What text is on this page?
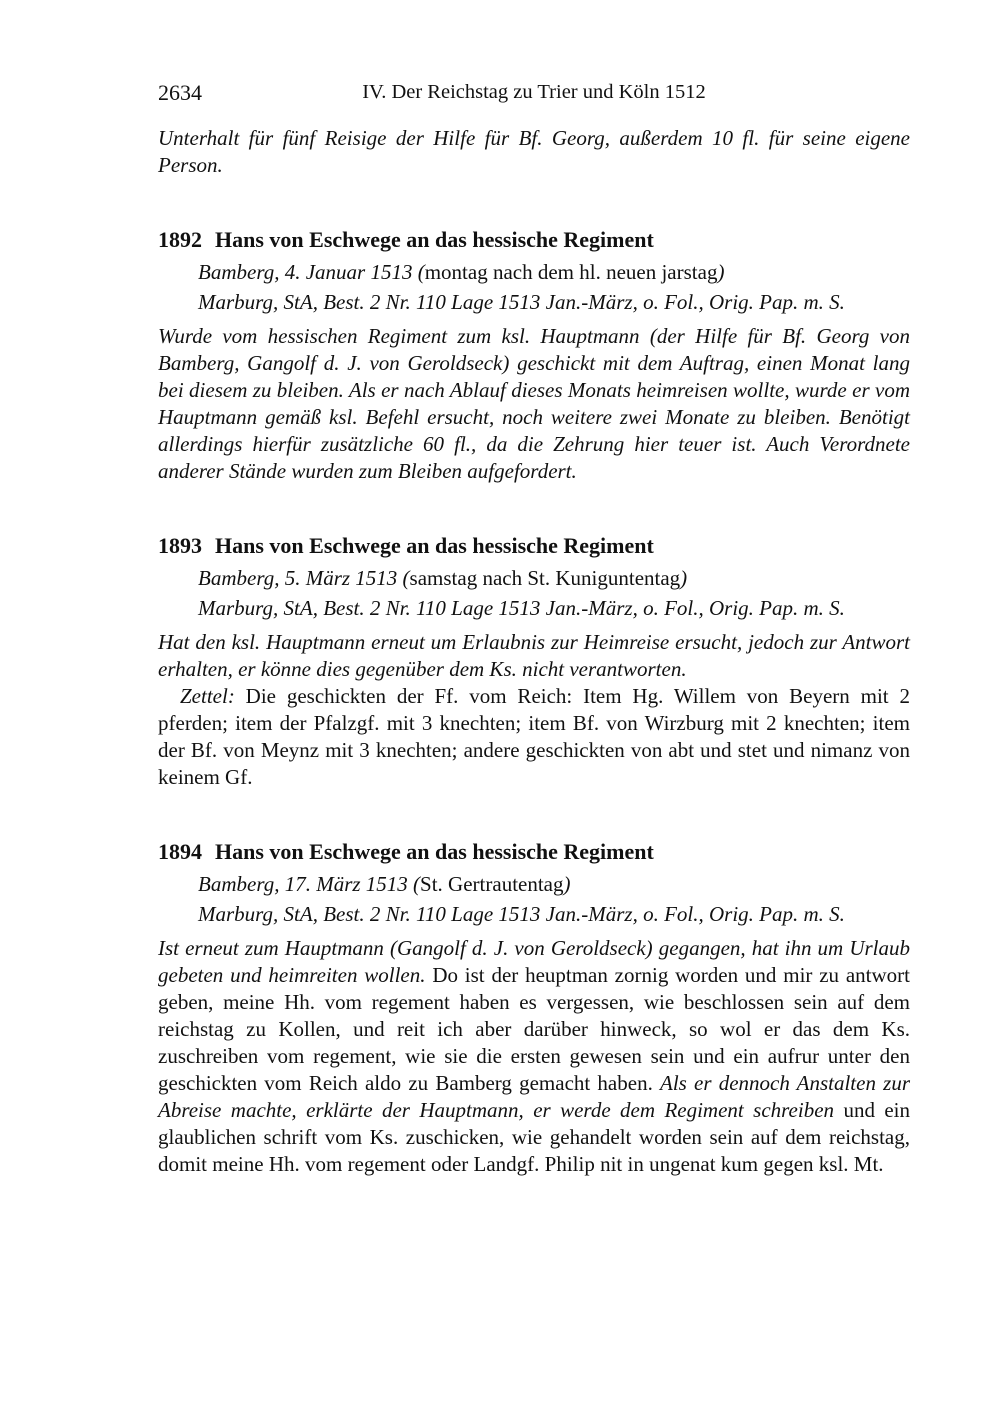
2634	IV. Der Reichstag zu Trier und Köln 1512

Unterhalt für fünf Reisige der Hilfe für Bf. Georg, außerdem 10 fl. für seine eigene Person.

1892 Hans von Eschwege an das hessische Regiment

Bamberg, 4. Januar 1513 (montag nach dem hl. neuen jarstag)

Marburg, StA, Best. 2 Nr. 110 Lage 1513 Jan.-März, o. Fol., Orig. Pap. m. S.

Wurde vom hessischen Regiment zum ksl. Hauptmann (der Hilfe für Bf. Georg von Bamberg, Gangolf d. J. von Geroldseck) geschickt mit dem Auftrag, einen Monat lang bei diesem zu bleiben. Als er nach Ablauf dieses Monats heimreisen wollte, wurde er vom Hauptmann gemäß ksl. Befehl ersucht, noch weitere zwei Monate zu bleiben. Benötigt allerdings hierfür zusätzliche 60 fl., da die Zehrung hier teuer ist. Auch Verordnete anderer Stände wurden zum Bleiben aufgefordert.

1893 Hans von Eschwege an das hessische Regiment

Bamberg, 5. März 1513 (samstag nach St. Kuniguntentag)

Marburg, StA, Best. 2 Nr. 110 Lage 1513 Jan.-März, o. Fol., Orig. Pap. m. S.

Hat den ksl. Hauptmann erneut um Erlaubnis zur Heimreise ersucht, jedoch zur Antwort erhalten, er könne dies gegenüber dem Ks. nicht verantworten.

Zettel: Die geschickten der Ff. vom Reich: Item Hg. Willem von Beyern mit 2 pferden; item der Pfalzgf. mit 3 knechten; item Bf. von Wirzburg mit 2 knechten; item der Bf. von Meynz mit 3 knechten; andere geschickten von abt und stet und nimanz von keinem Gf.

1894 Hans von Eschwege an das hessische Regiment

Bamberg, 17. März 1513 (St. Gertrautentag)

Marburg, StA, Best. 2 Nr. 110 Lage 1513 Jan.-März, o. Fol., Orig. Pap. m. S.

Ist erneut zum Hauptmann (Gangolf d. J. von Geroldseck) gegangen, hat ihn um Urlaub gebeten und heimreiten wollen. Do ist der heuptman zornig worden und mir zu antwort geben, meine Hh. vom regement haben es vergessen, wie beschlossen sein auf dem reichstag zu Kollen, und reit ich aber darüber hinweck, so wol er das dem Ks. zuschreiben vom regement, wie sie die ersten gewesen sein und ein aufrur unter den geschickten vom Reich aldo zu Bamberg gemacht haben. Als er dennoch Anstalten zur Abreise machte, erklärte der Hauptmann, er werde dem Regiment schreiben und ein glaublichen schrift vom Ks. zuschicken, wie gehandelt worden sein auf dem reichstag, domit meine Hh. vom regement oder Landgf. Philip nit in ungenat kum gegen ksl. Mt.
